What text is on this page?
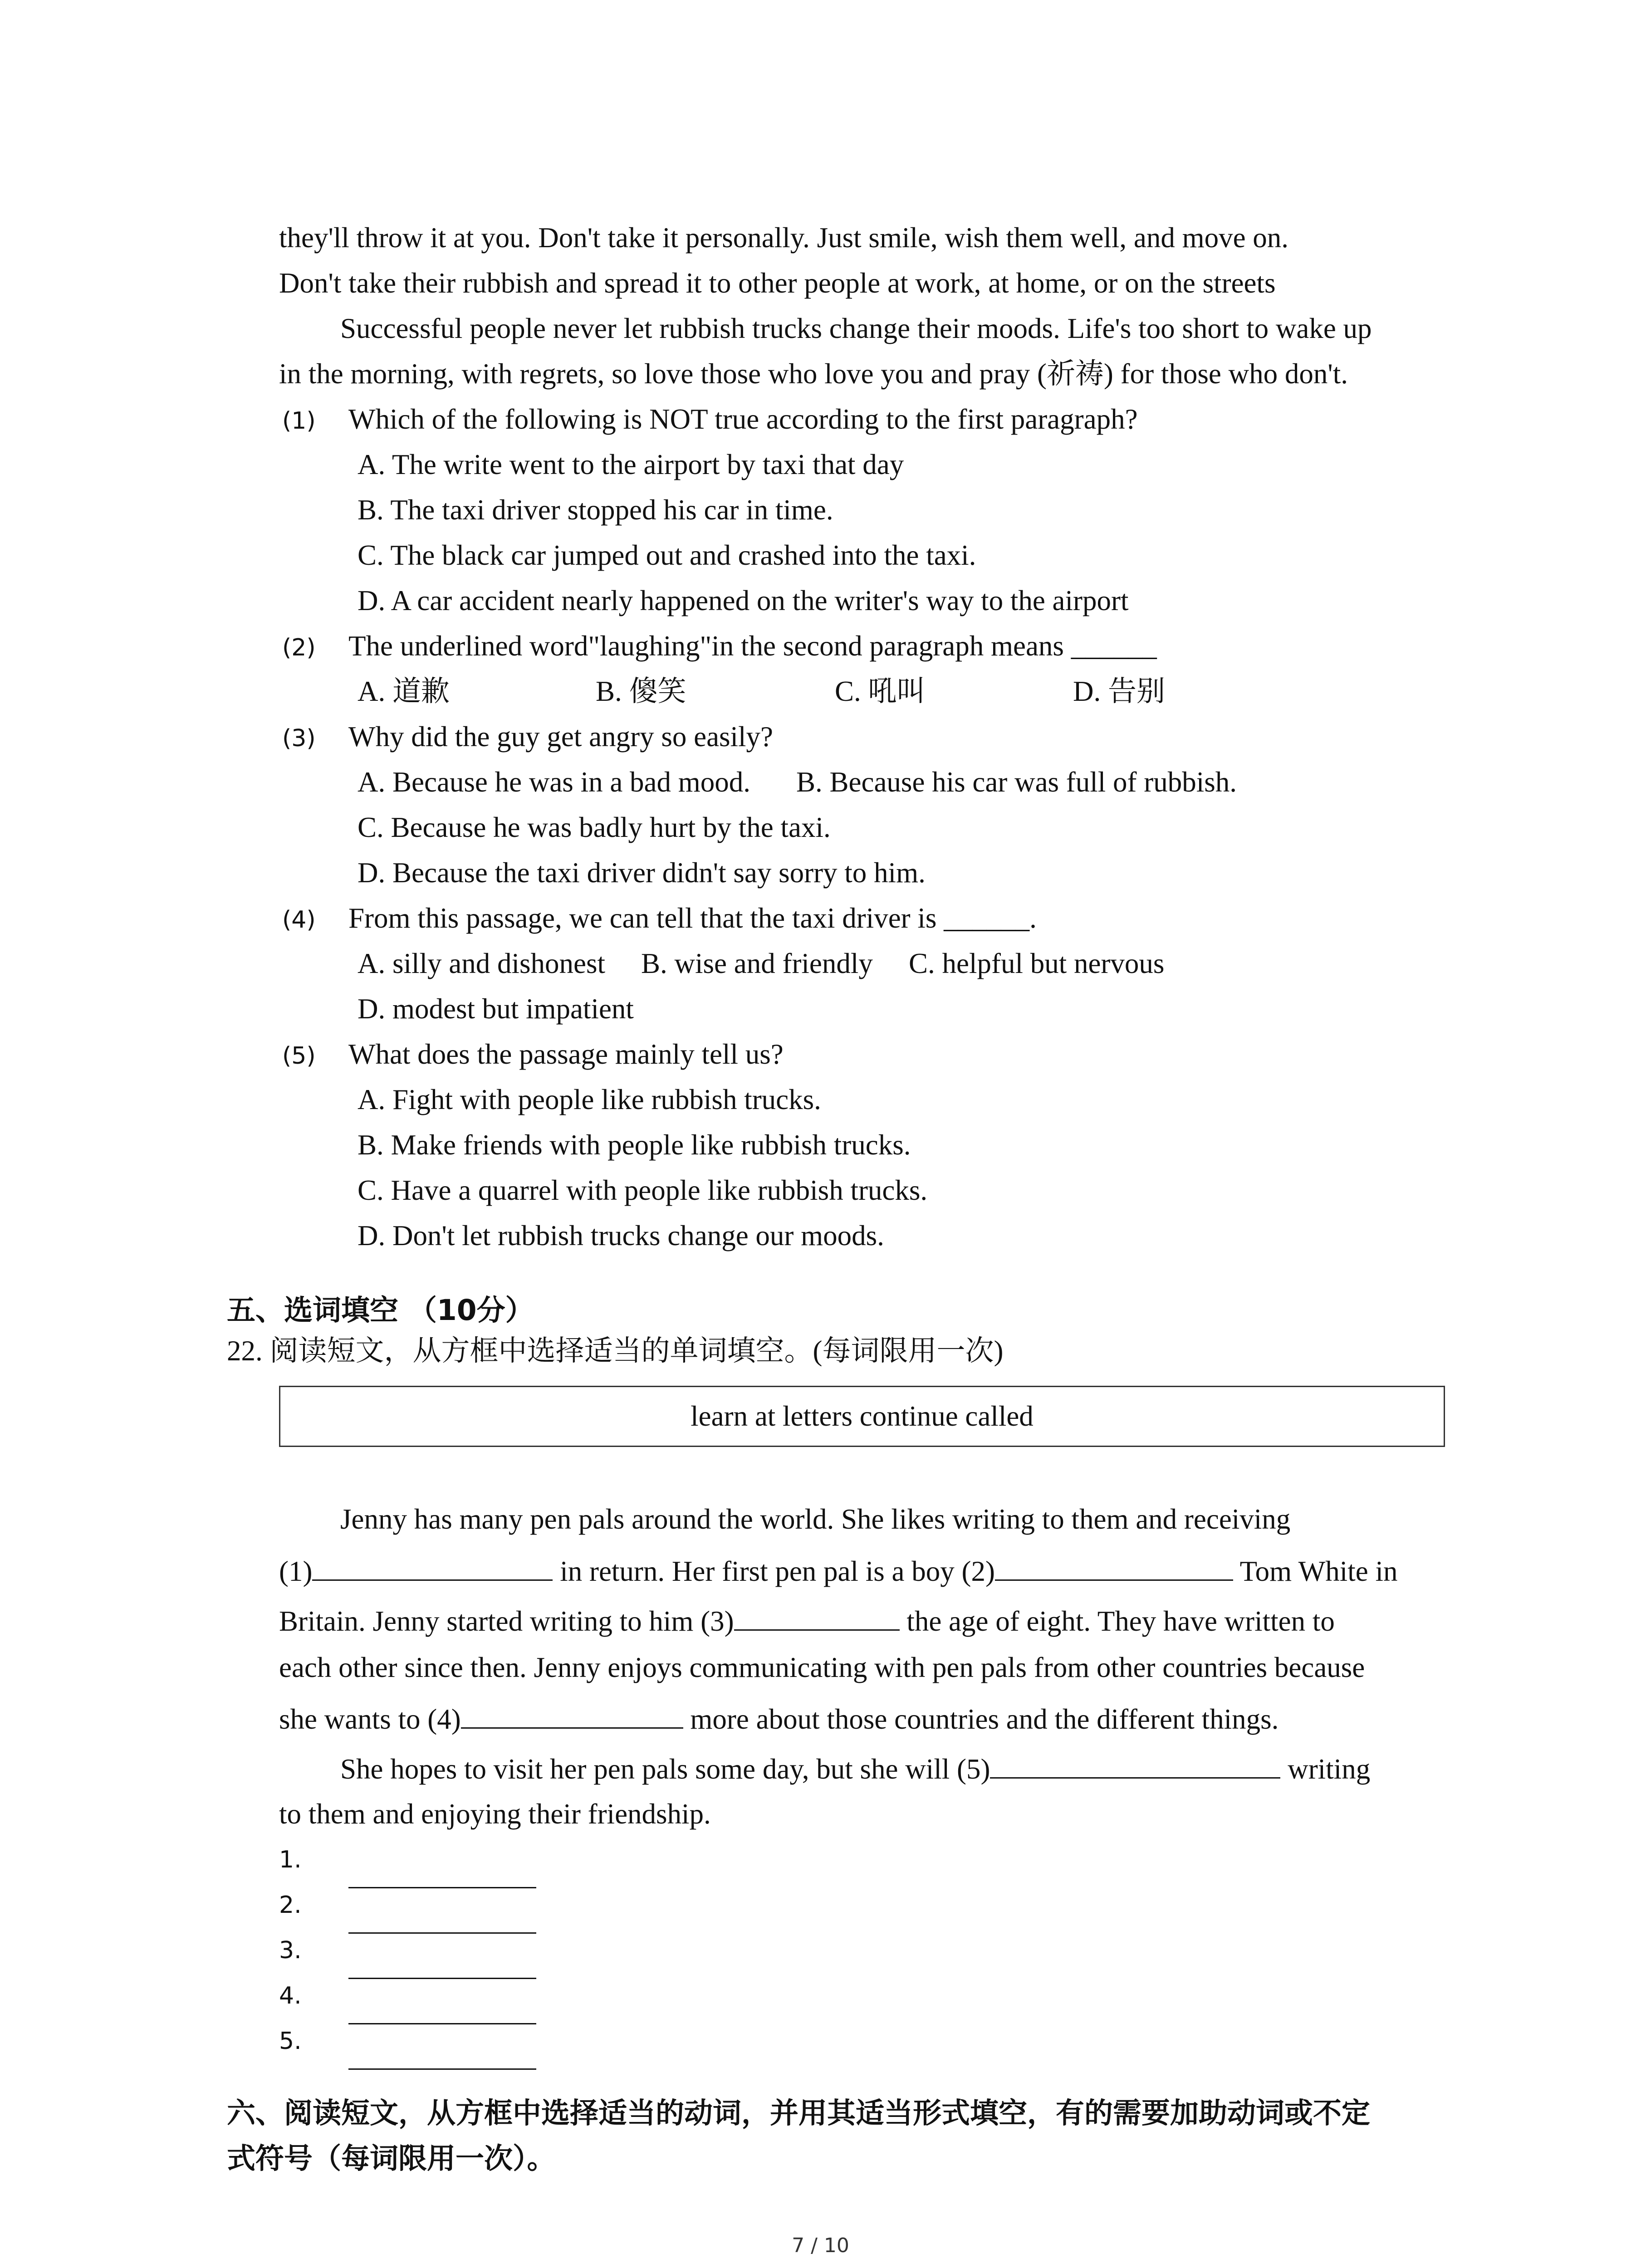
they'll throw it at you. Don't take it personally. Just smile, wish them well, and move on.
Don't take their rubbish and spread it to other people at work, at home, or on the streets
Successful people never let rubbish trucks change their moods. Life's too short to wake up
in the morning, with regrets, so love those who love you and pray (祈祷) for those who don't.
(1) Which of the following is NOT true according to the first paragraph?
A. The write went to the airport by taxi that day
B. The taxi driver stopped his car in time.
C. The black car jumped out and crashed into the taxi.
D. A car accident nearly happened on the writer's way to the airport
(2) The underlined word"laughing"in the second paragraph means ______
A. 道歉	B. 傻笑	C. 吼叫	D. 告别
(3) Why did the guy get angry so easily?
A. Because he was in a bad mood. B. Because his car was full of rubbish.
C. Because he was badly hurt by the taxi.
D. Because the taxi driver didn't say sorry to him.
(4) From this passage, we can tell that the taxi driver is ______.
A. silly and dishonest B. wise and friendly C. helpful but nervous
D. modest but impatient
(5) What does the passage mainly tell us?
A. Fight with people like rubbish trucks.
B. Make friends with people like rubbish trucks.
C. Have a quarrel with people like rubbish trucks.
D. Don't let rubbish trucks change our moods.
五、选词填空 （10分）
22. 阅读短文，从方框中选择适当的单词填空。(每词限用一次)
learn at letters continue called
Jenny has many pen pals around the world. She likes writing to them and receiving
(1)	in return. Her first pen pal is a boy (2)	Tom White in
Britain. Jenny started writing to him (3)	the age of eight. They have written to
each other since then. Jenny enjoys communicating with pen pals from other countries because
she wants to (4)	more about those countries and the different things.
She hopes to visit her pen pals some day, but she will (5)	writing
to them and enjoying their friendship.
1.
2.
3.
4.
5.
六、阅读短文，从方框中选择适当的动词，并用其适当形式填空，有的需要加助动词或不定
式符号（每词限用一次）。
7 / 10
